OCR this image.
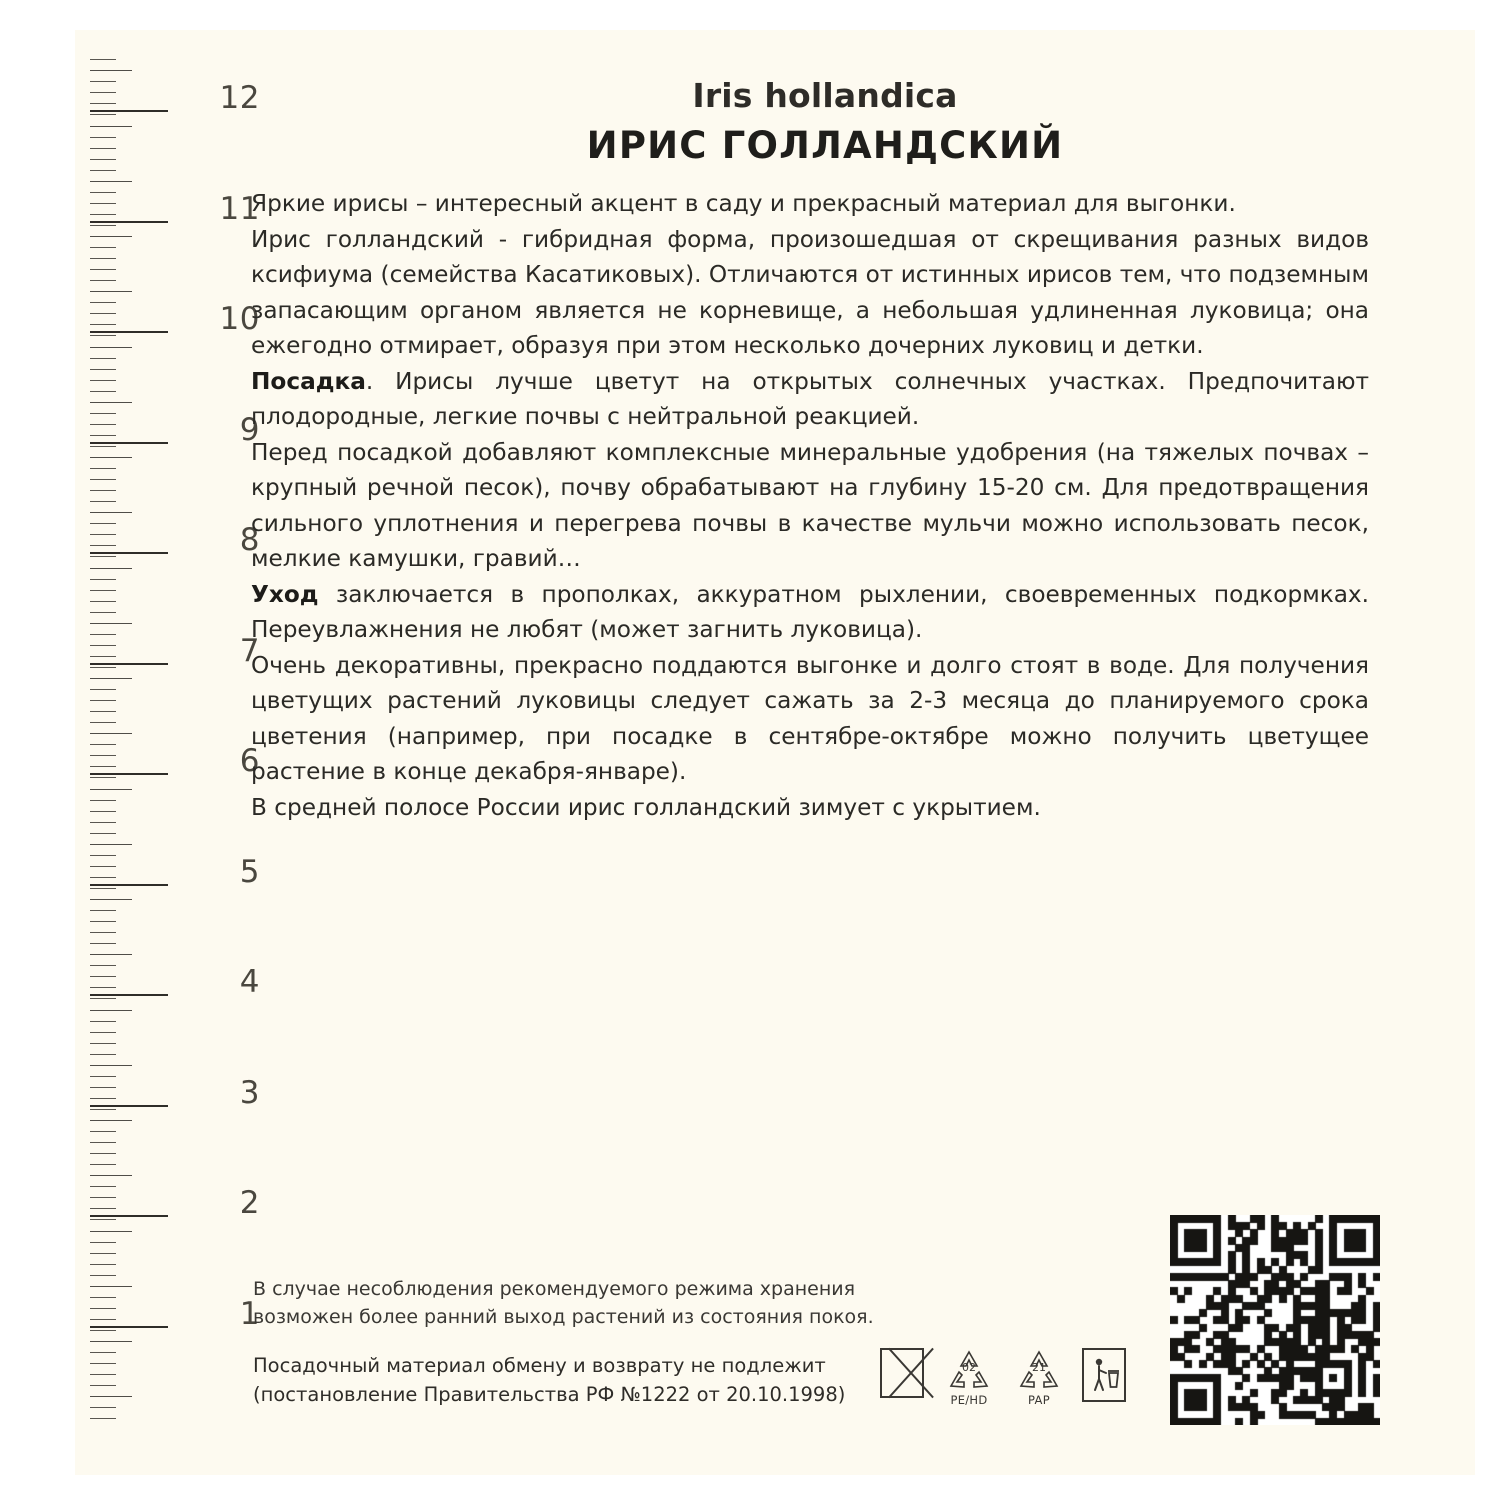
12
11
10
9
8
7
6
5
4
3
2
1
Iris hollandica
ИРИС ГОЛЛАНДСКИЙ

Яркие ирисы – интересный акцент в саду и прекрасный материал для выгонки.

Ирис голландский - гибридная форма, произошедшая от скрещивания разных видов ксифиума (семейства Касатиковых). Отличаются от истинных ирисов тем, что подземным запасающим органом является не корневище, а небольшая удлиненная луковица; она ежегодно отмирает, образуя при этом несколько дочерних луковиц и детки.

Посадка. Ирисы лучше цветут на открытых солнечных участках. Предпочитают плодородные, легкие почвы с нейтральной реакцией.

Перед посадкой добавляют комплексные минеральные удобрения (на тяжелых почвах – крупный речной песок), почву обрабатывают на глубину 15-20 см. Для предотвращения сильного уплотнения и перегрева почвы в качестве мульчи можно использовать песок, мелкие камушки, гравий…

Уход заключается в прополках, аккуратном рыхлении, своевременных подкормках. Переувлажнения не любят (может загнить луковица).

Очень декоративны, прекрасно поддаются выгонке и долго стоят в воде. Для получения цветущих растений луковицы следует сажать за 2-3 месяца до планируемого срока цветения (например, при посадке в сентябре-октябре можно получить цветущее растение в конце декабря-январе).

В средней полосе России ирис голландский зимует с укрытием.

В случае несоблюдения рекомендуемого режима хранения возможен более ранний выход растений из состояния покоя.
Посадочный материал обмену и возврату не подлежит (постановление Правительства РФ №1222 от 20.10.1998)
02
PE/HD
21
PAP
